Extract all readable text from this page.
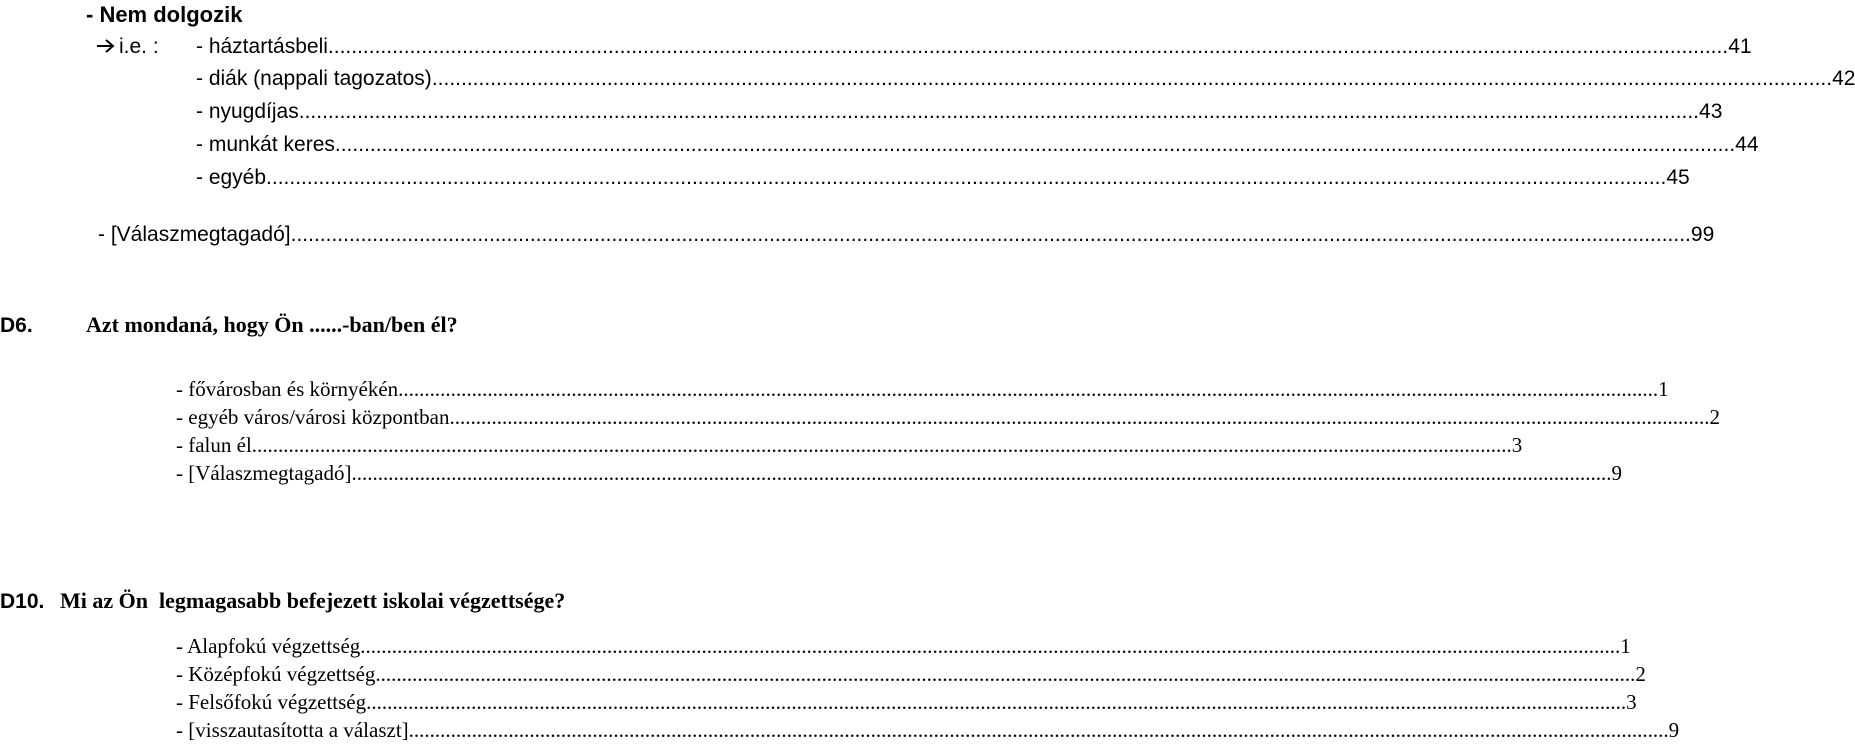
- Nem dolgozik
i.e. : - háztartásbeli ................................................................................................................................................................................................................................................ 41
- diák (nappali tagozatos) ................................................................................................................................................................................................................................................ 42
- nyugdíjas ................................................................................................................................................................................................................................................ 43
- munkát keres ................................................................................................................................................................................................................................................ 44
- egyéb ................................................................................................................................................................................................................................................ 45
- [Válaszmegtagadó] ................................................................................................................................................................................................................................................ 99
D6. Azt mondaná, hogy Ön ......-ban/ben él?
- fővárosban és környékén ................................................................................................................................................................................................................................................ 1
- egyéb város/városi központban ................................................................................................................................................................................................................................................ 2
- falun él ................................................................................................................................................................................................................................................ 3
- [Válaszmegtagadó] ................................................................................................................................................................................................................................................ 9
D10. Mi az Ön  legmagasabb befejezett iskolai végzettsége?
- Alapfokú végzettség ................................................................................................................................................................................................................................................ 1
- Középfokú végzettség ................................................................................................................................................................................................................................................ 2
- Felsőfokú végzettség ................................................................................................................................................................................................................................................ 3
- [visszautasította a választ] ................................................................................................................................................................................................................................................ 9
